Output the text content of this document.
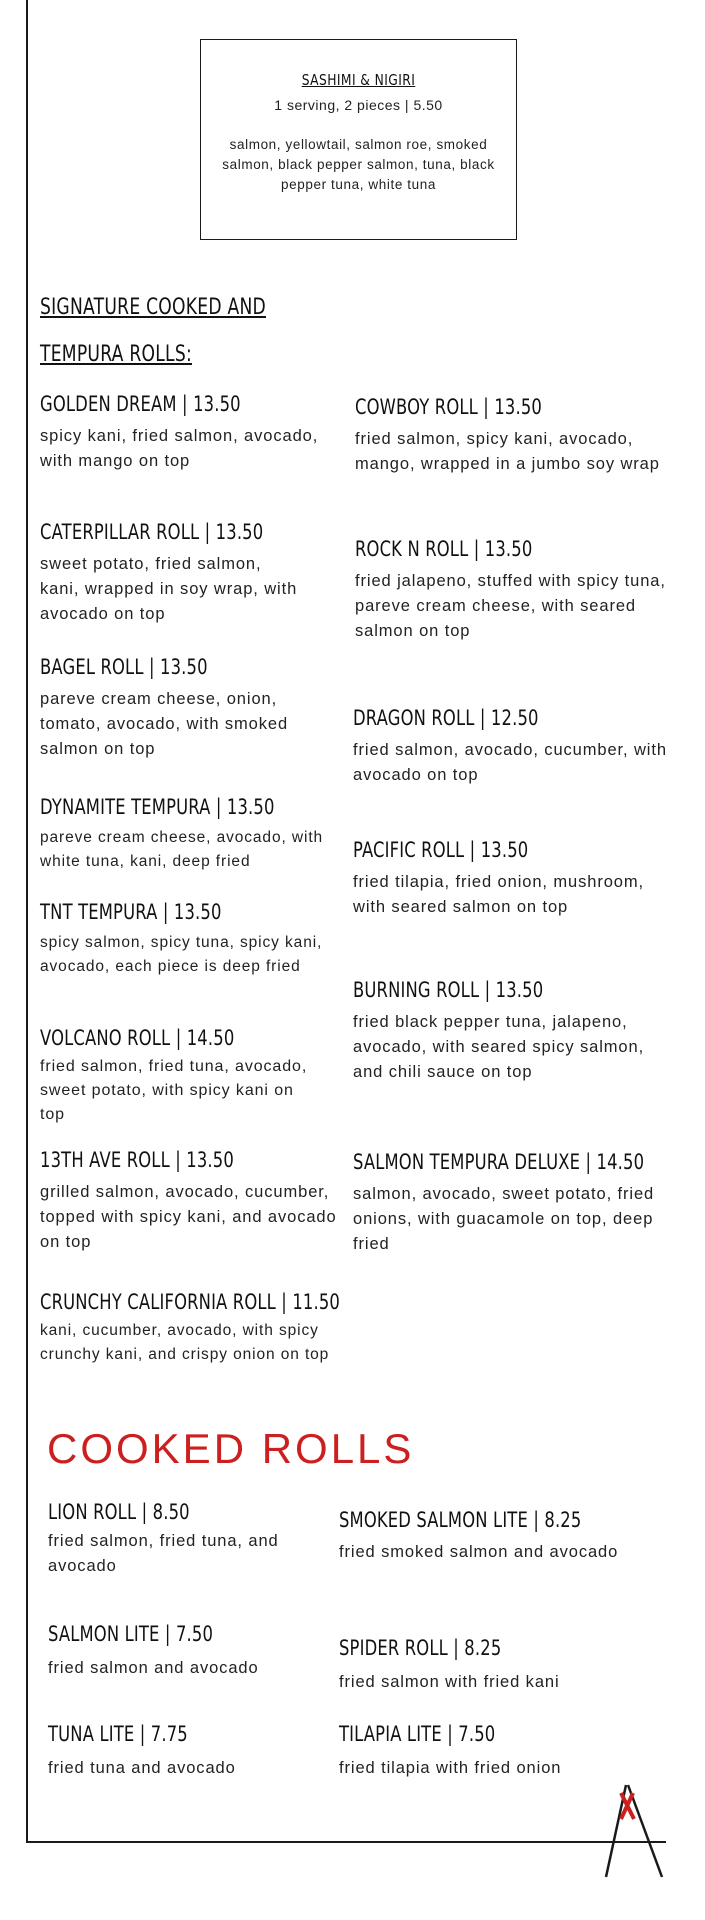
SASHIMI & NIGIRI
1 serving, 2 pieces | 5.50
salmon, yellowtail, salmon roe, smoked salmon, black pepper salmon, tuna, black pepper tuna, white tuna
SIGNATURE COOKED AND
TEMPURA ROLLS:
GOLDEN DREAM | 13.50
spicy kani, fried salmon, avocado, with mango on top
CATERPILLAR ROLL | 13.50
sweet potato, fried salmon, kani, wrapped in soy wrap, with avocado on top
BAGEL ROLL | 13.50
pareve cream cheese, onion, tomato, avocado, with smoked salmon on top
DYNAMITE TEMPURA | 13.50
pareve cream cheese, avocado, with white tuna, kani, deep fried
TNT TEMPURA | 13.50
spicy salmon, spicy tuna, spicy kani, avocado, each piece is deep fried
VOLCANO ROLL | 14.50
fried salmon, fried tuna, avocado, sweet potato, with spicy kani on top
13TH AVE ROLL | 13.50
grilled salmon, avocado, cucumber, topped with spicy kani, and avocado on top
CRUNCHY CALIFORNIA ROLL | 11.50
kani, cucumber, avocado, with spicy crunchy kani, and crispy onion on top
COWBOY ROLL | 13.50
fried salmon, spicy kani, avocado, mango, wrapped in a jumbo soy wrap
ROCK N ROLL | 13.50
fried jalapeno, stuffed with spicy tuna, pareve cream cheese, with seared salmon on top
DRAGON ROLL | 12.50
fried salmon, avocado, cucumber, with avocado on top
PACIFIC ROLL | 13.50
fried tilapia, fried onion, mushroom, with seared salmon on top
BURNING ROLL | 13.50
fried black pepper tuna, jalapeno, avocado, with seared spicy salmon, and chili sauce on top
SALMON TEMPURA DELUXE | 14.50
salmon, avocado, sweet potato, fried onions, with guacamole on top, deep fried
COOKED ROLLS
LION ROLL | 8.50
fried salmon, fried tuna, and avocado
SMOKED SALMON LITE | 8.25
fried smoked salmon and avocado
SALMON LITE | 7.50
fried salmon and avocado
SPIDER ROLL | 8.25
fried salmon with fried kani
TUNA LITE | 7.75
fried tuna and avocado
TILAPIA LITE | 7.50
fried tilapia with fried onion
